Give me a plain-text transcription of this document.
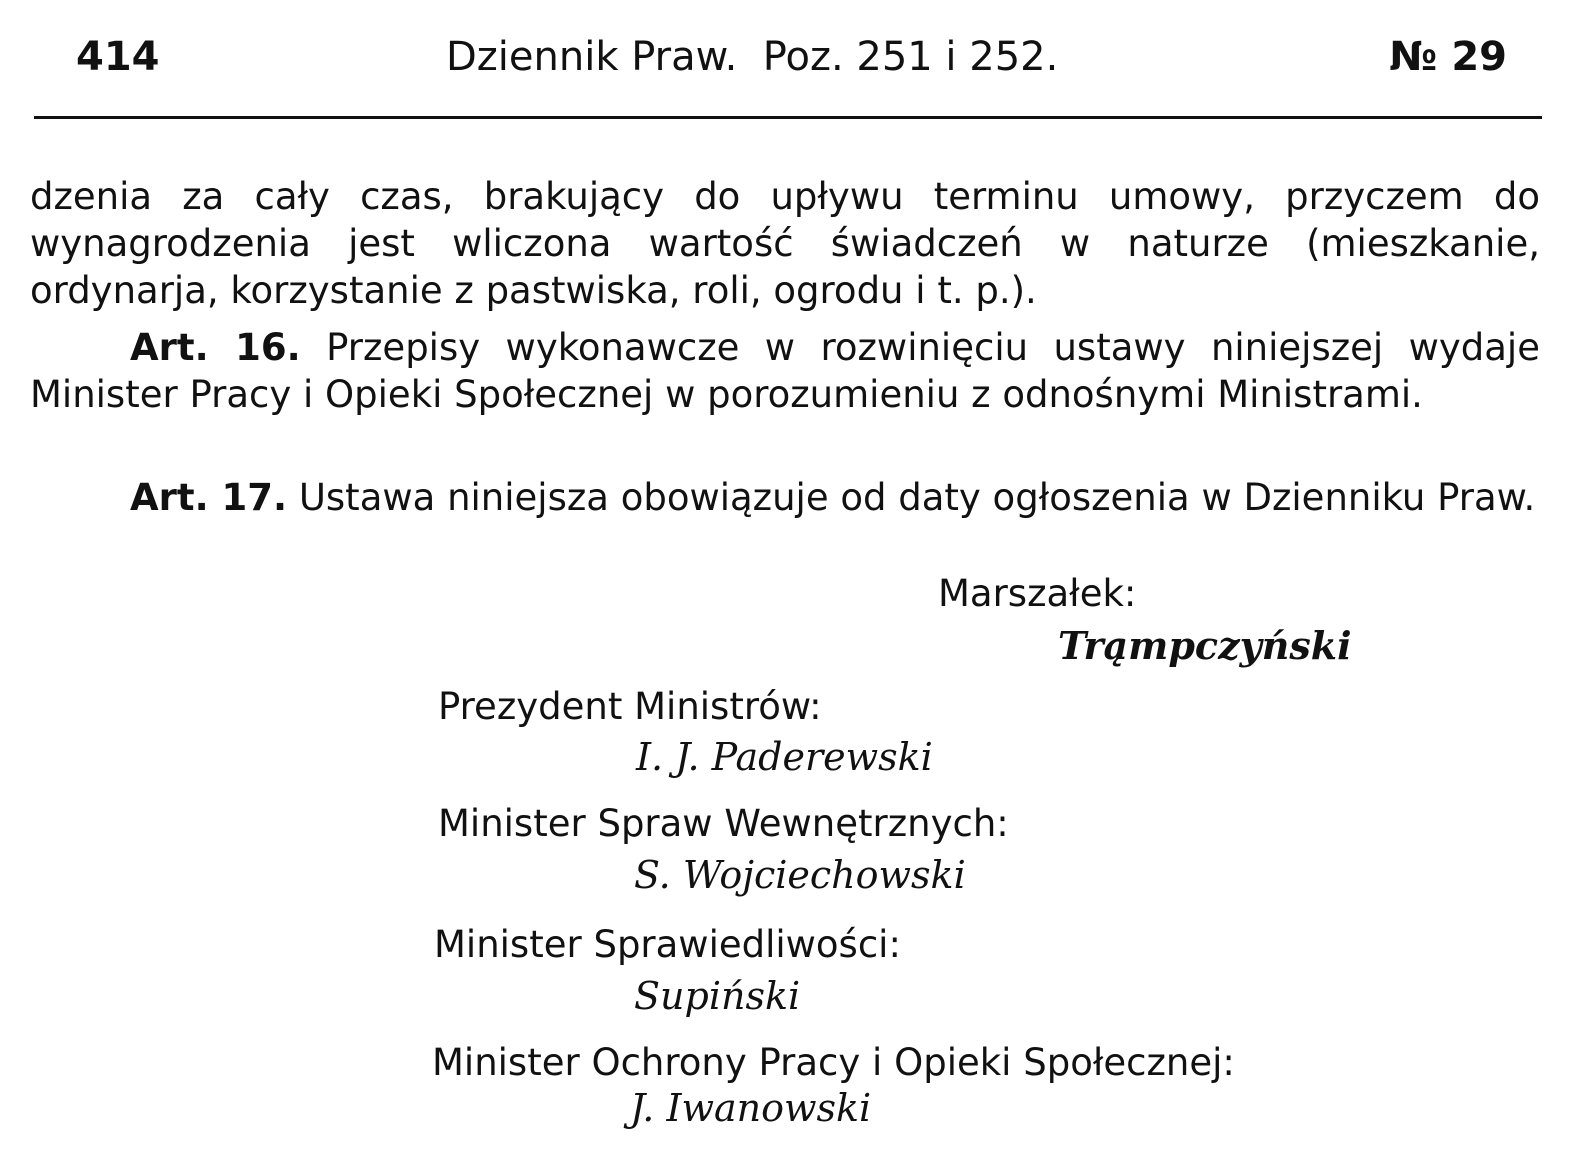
414	Dziennik Praw.  Poz. 251 i 252.	№ 29

dzenia za cały czas, brakujący do upływu terminu umowy, przyczem do wynagrodzenia jest wliczona wartość świadczeń w naturze (mieszkanie, ordynarja, korzystanie z pastwiska, roli, ogrodu i t. p.).

Art. 16. Przepisy wykonawcze w rozwinięciu ustawy niniejszej wydaje Minister Pracy i Opieki Społecznej w porozumieniu z odnośnymi Ministrami.

Art. 17. Ustawa niniejsza obowiązuje od daty ogłoszenia w Dzienniku Praw.

Marszałek:
Trąmpczyński
Prezydent Ministrów:
I. J. Paderewski
Minister Spraw Wewnętrznych:
S. Wojciechowski
Minister Sprawiedliwości:
Supiński
Minister Ochrony Pracy i Opieki Społecznej:
J. Iwanowski
